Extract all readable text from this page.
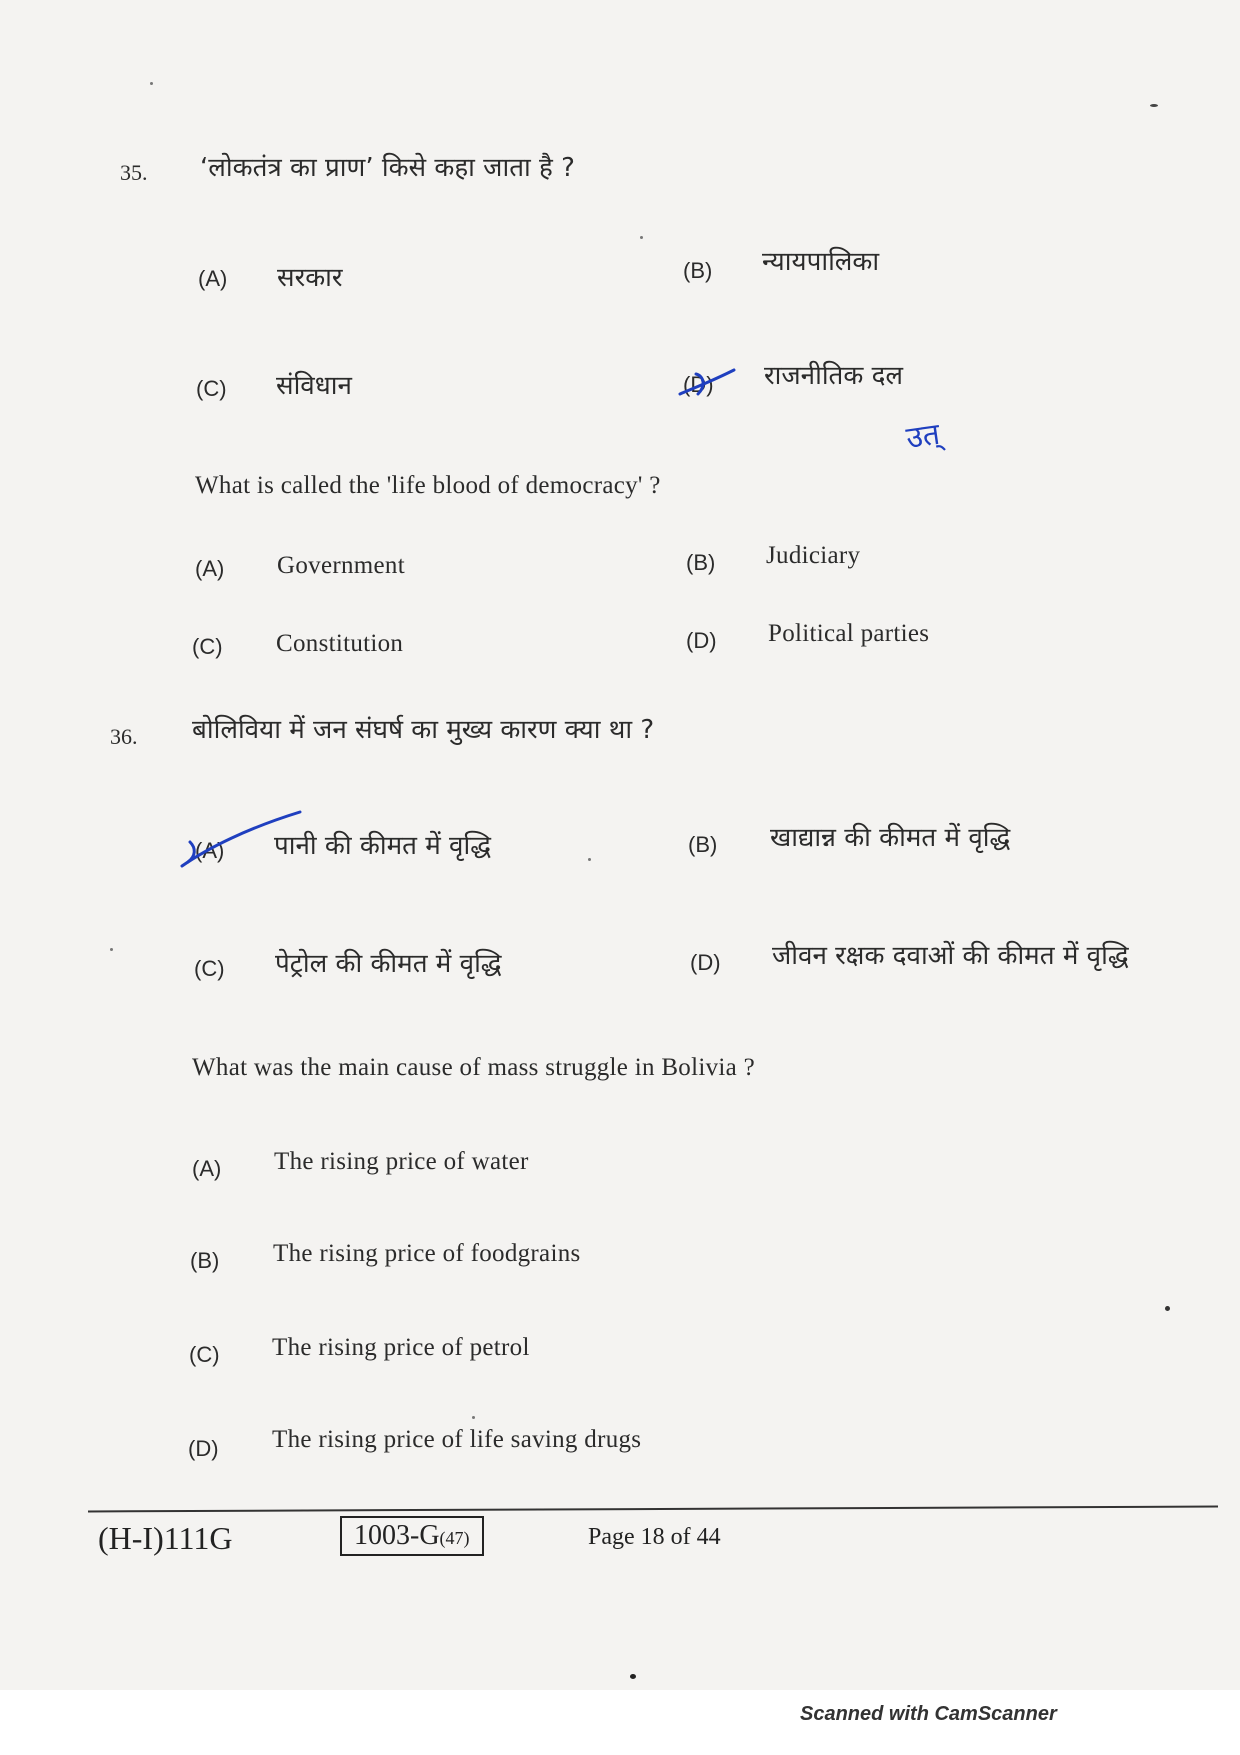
35. ‘लोकतंत्र का प्राण’ किसे कहा जाता है ?
(A) सरकार	(B) न्यायपालिका
(C) संविधान	(D) राजनीतिक दल
उत्
What is called the 'life blood of democracy' ?
(A) Government	(B) Judiciary
(C) Constitution	(D) Political parties
36. बोलिविया में जन संघर्ष का मुख्य कारण क्या था ?
(A) पानी की कीमत में वृद्धि	(B) खाद्यान्न की कीमत में वृद्धि
(C) पेट्रोल की कीमत में वृद्धि	(D) जीवन रक्षक दवाओं की कीमत में वृद्धि
What was the main cause of mass struggle in Bolivia ?
(A) The rising price of water
(B) The rising price of foodgrains
(C) The rising price of petrol
(D) The rising price of life saving drugs
(H-I)111G	1003-G(47)	Page 18 of 44
Scanned with CamScanner
